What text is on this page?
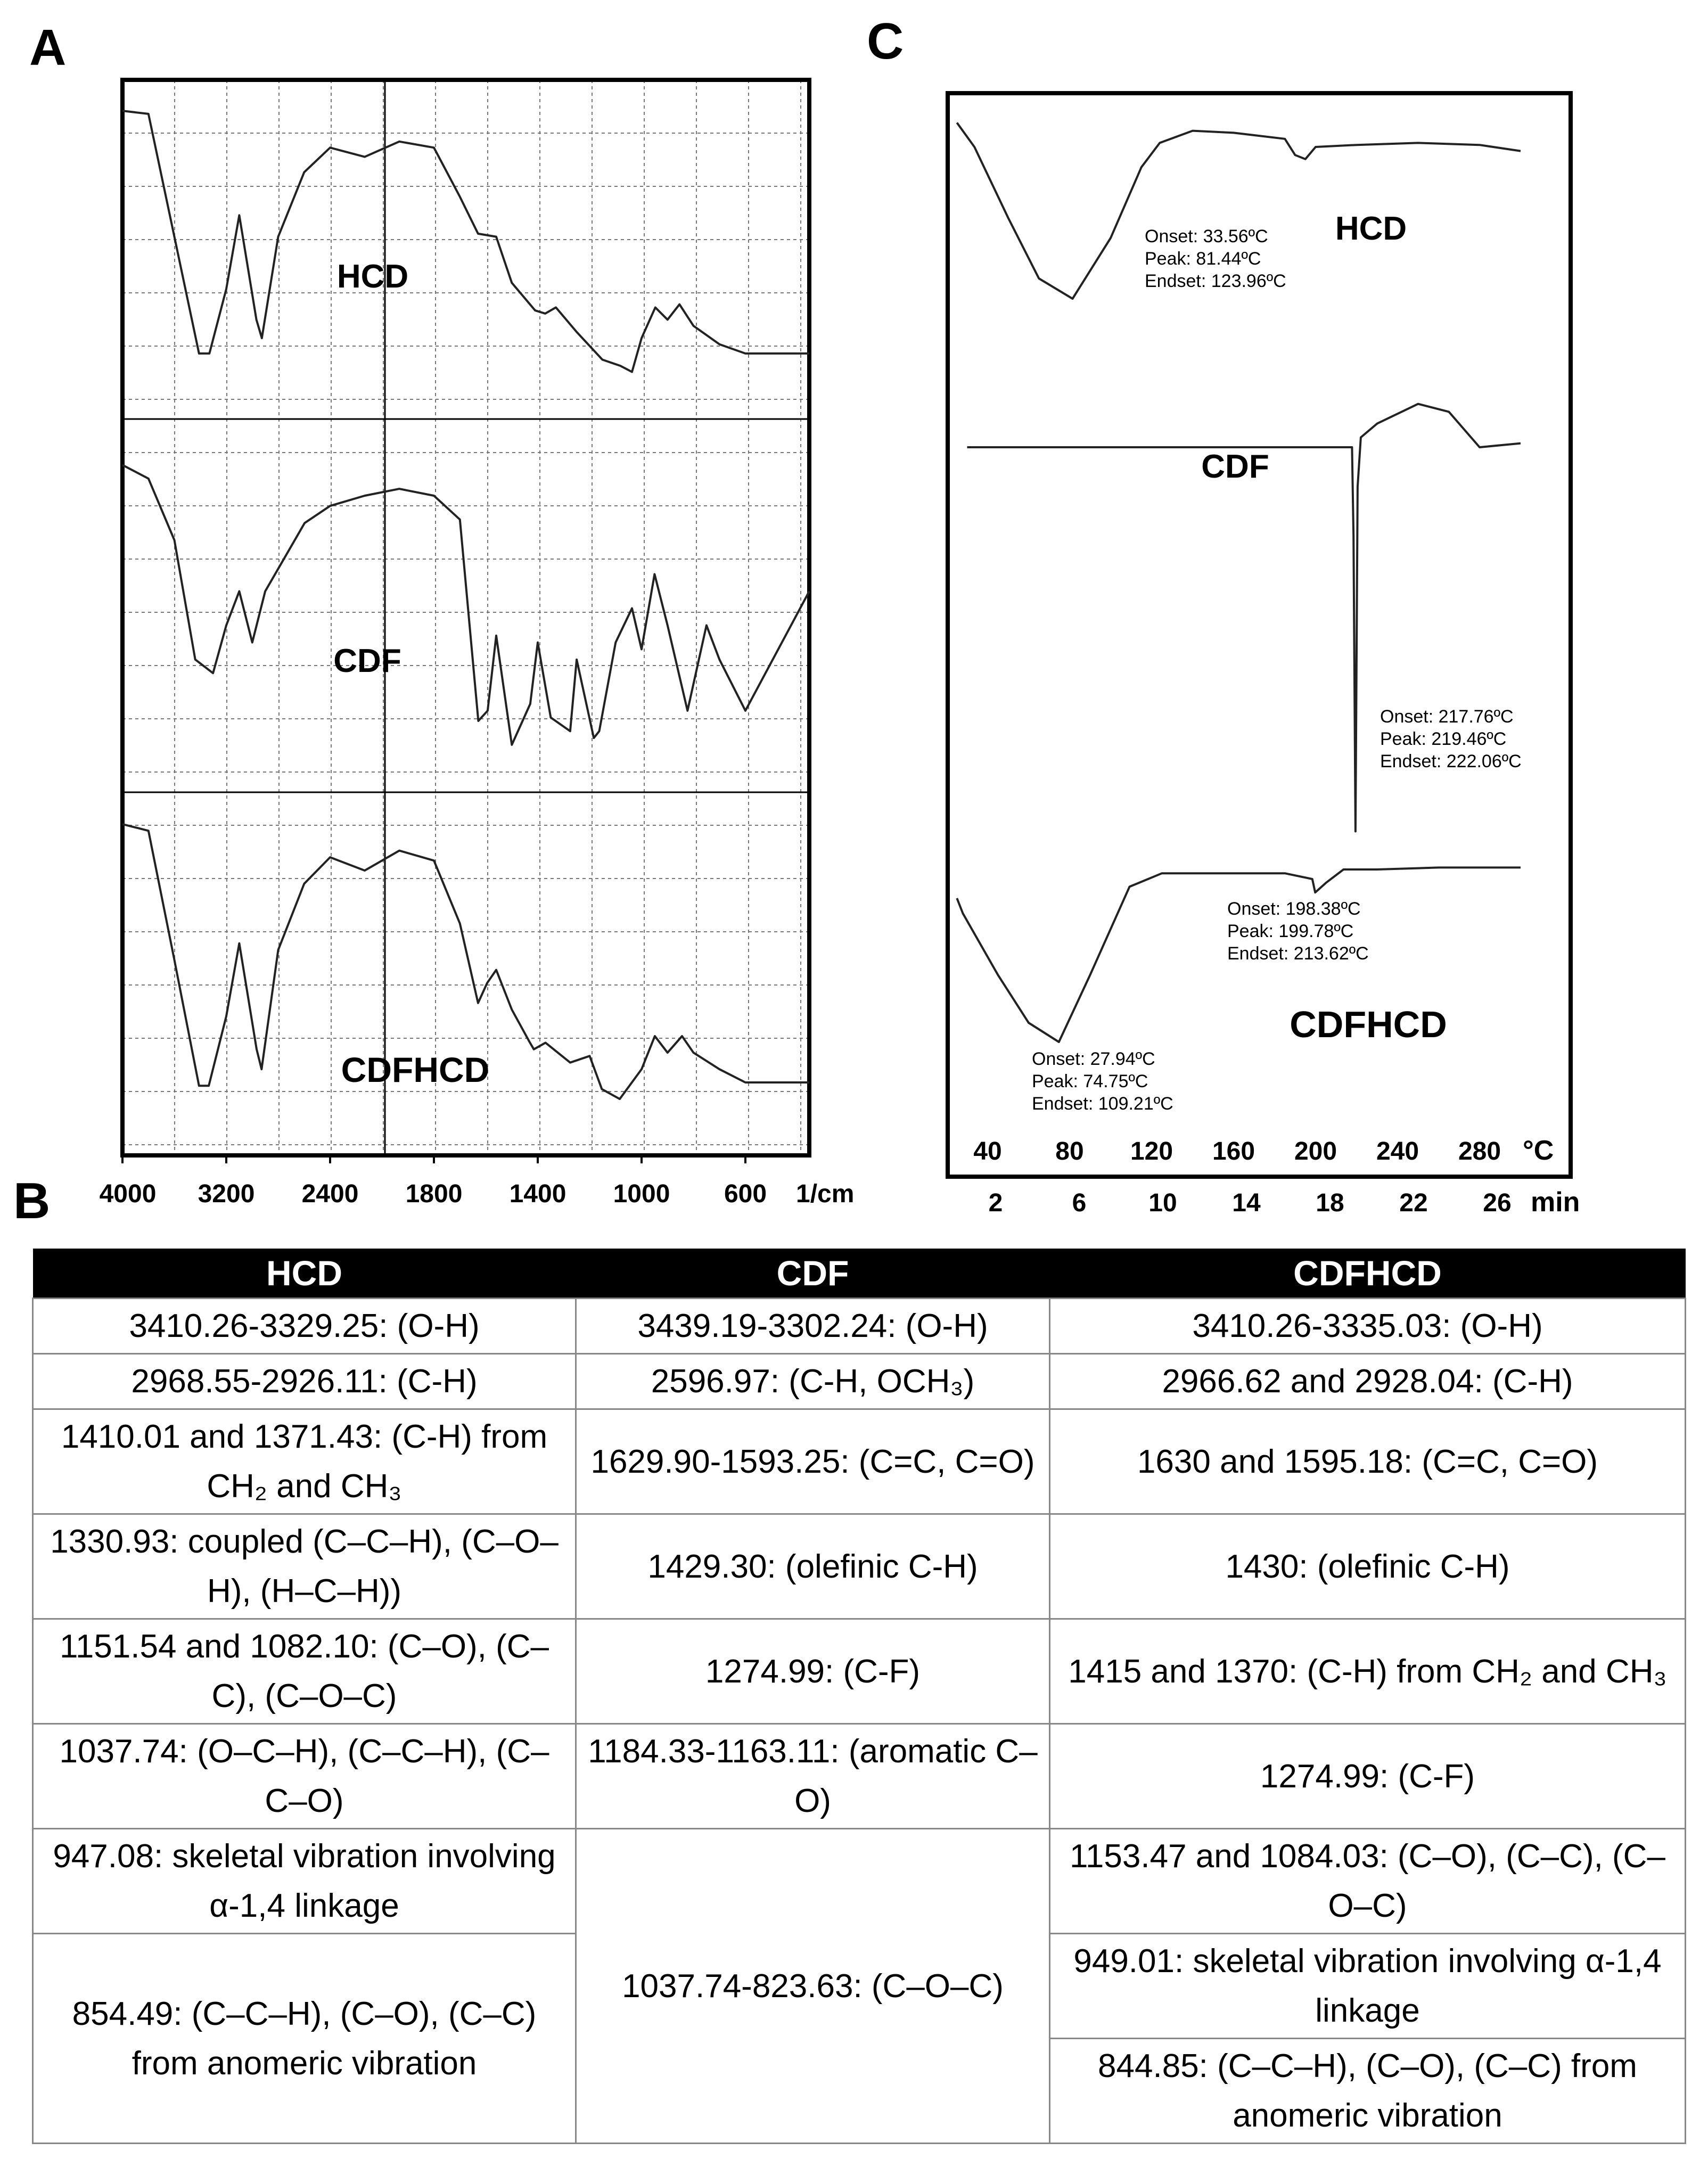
A	C
B 4000 3200 2400 1800 1400 1000 600 1/cm
HCD
CDF
CDFHCD
40 80 120 160 200 240 280
2	6 10 14 18 22 26
°C
min
HCD
CDF
CDFHCD
Onset: 33.56ºC
Peak: 81.44ºC
Endset: 123.96ºC
Onset: 217.76ºC
Peak: 219.46ºC
Endset: 222.06ºC
Onset: 198.38ºC
Peak: 199.78ºC
Endset: 213.62ºC
Onset: 27.94ºC
Peak: 74.75ºC
Endset: 109.21ºC
HCD	CDF	CDFHCD
3410.26-3329.25: (O-H)	3439.19-3302.24: (O-H)	3410.26-3335.03: (O-H)
2968.55-2926.11: (C-H)	2596.97: (C-H, OCH₃)	2966.62 and 2928.04: (C-H)
1410.01 and 1371.43: (C-H) from CH₂ and CH₃	1629.90-1593.25: (C=C, C=O)	1630 and 1595.18: (C=C, C=O)
1330.93: coupled (C–C–H), (C–O–H), (H–C–H))	1429.30: (olefinic C-H)	1430: (olefinic C-H)
1151.54 and 1082.10: (C–O), (C–C), (C–O–C)	1274.99: (C-F)	1415 and 1370: (C-H) from CH₂ and CH₃
1037.74: (O–C–H), (C–C–H), (C–C–O)	1184.33-1163.11: (aromatic C–O)	1274.99: (C-F)
947.08: skeletal vibration involving α-1,4 linkage	1037.74-823.63: (C–O–C)	1153.47 and 1084.03: (C–O), (C–C), (C–O–C)
854.49: (C–C–H), (C–O), (C–C) from anomeric vibration		949.01: skeletal vibration involving α-1,4 linkage
		844.85: (C–C–H), (C–O), (C–C) from anomeric vibration
